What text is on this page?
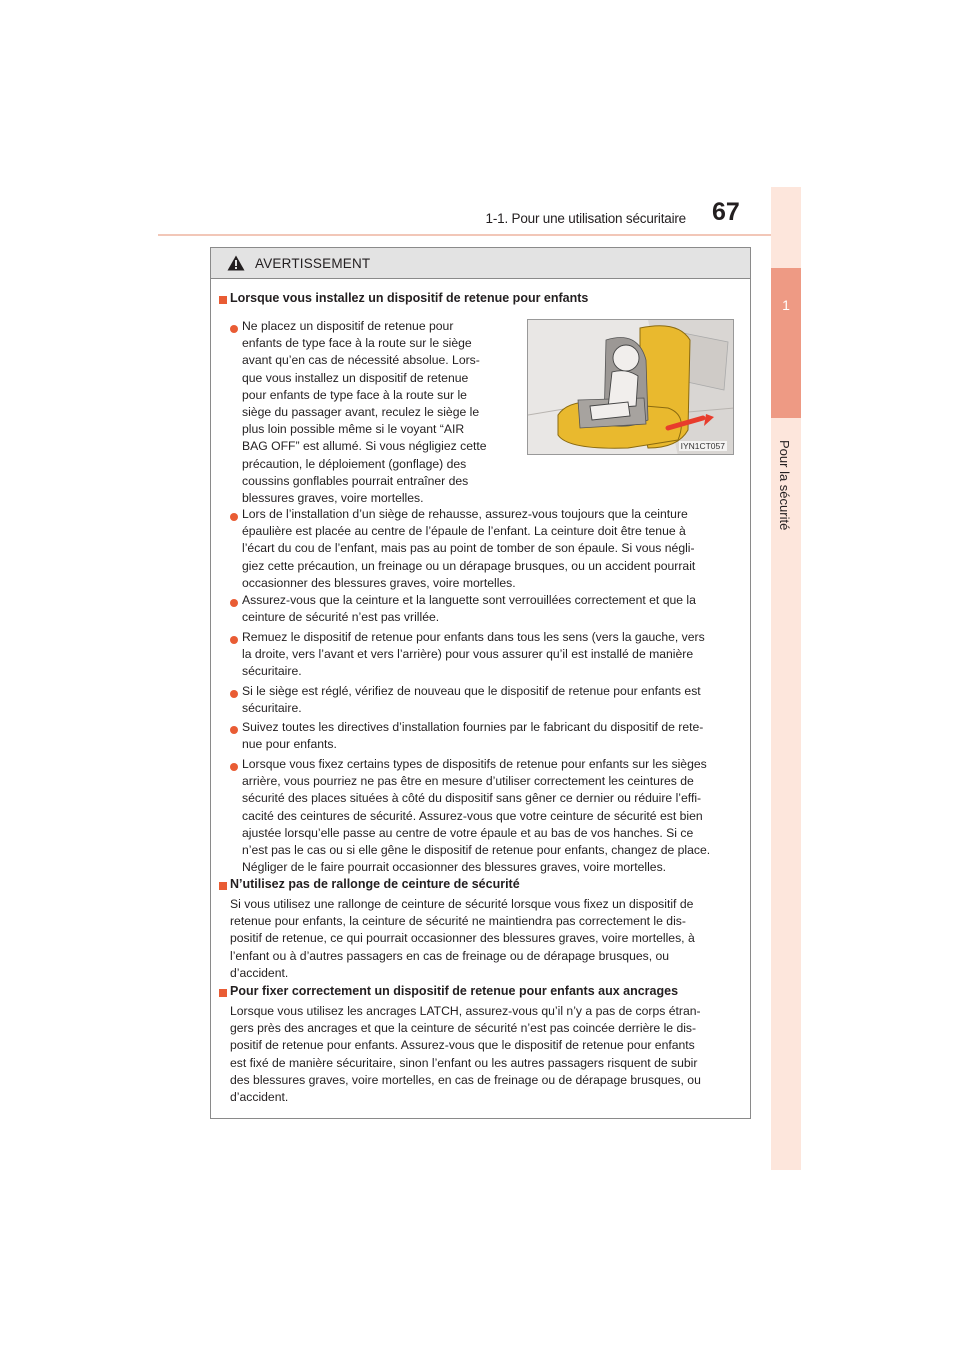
1-1. Pour une utilisation sécuritaire 67
1
Pour la sécurité
AVERTISSEMENT
Lorsque vous installez un dispositif de retenue pour enfants
Ne placez un dispositif de retenue pour
enfants de type face à la route sur le siège
avant qu’en cas de nécessité absolue. Lors-
que vous installez un dispositif de retenue
pour enfants de type face à la route sur le
siège du passager avant, reculez le siège le
plus loin possible même si le voyant “AIR
BAG OFF” est allumé. Si vous négligiez cette
précaution, le déploiement (gonflage) des
coussins gonflables pourrait entraîner des
blessures graves, voire mortelles.
IYN1CT057
Lors de l’installation d’un siège de rehausse, assurez-vous toujours que la ceinture
épaulière est placée au centre de l’épaule de l’enfant. La ceinture doit être tenue à
l’écart du cou de l’enfant, mais pas au point de tomber de son épaule. Si vous négli-
giez cette précaution, un freinage ou un dérapage brusques, ou un accident pourrait
occasionner des blessures graves, voire mortelles.
Assurez-vous que la ceinture et la languette sont verrouillées correctement et que la
ceinture de sécurité n’est pas vrillée.
Remuez le dispositif de retenue pour enfants dans tous les sens (vers la gauche, vers
la droite, vers l’avant et vers l’arrière) pour vous assurer qu’il est installé de manière
sécuritaire.
Si le siège est réglé, vérifiez de nouveau que le dispositif de retenue pour enfants est
sécuritaire.
Suivez toutes les directives d’installation fournies par le fabricant du dispositif de rete-
nue pour enfants.
Lorsque vous fixez certains types de dispositifs de retenue pour enfants sur les sièges
arrière, vous pourriez ne pas être en mesure d’utiliser correctement les ceintures de
sécurité des places situées à côté du dispositif sans gêner ce dernier ou réduire l’effi-
cacité des ceintures de sécurité. Assurez-vous que votre ceinture de sécurité est bien
ajustée lorsqu’elle passe au centre de votre épaule et au bas de vos hanches. Si ce
n’est pas le cas ou si elle gêne le dispositif de retenue pour enfants, changez de place.
Négliger de le faire pourrait occasionner des blessures graves, voire mortelles.
N’utilisez pas de rallonge de ceinture de sécurité
Si vous utilisez une rallonge de ceinture de sécurité lorsque vous fixez un dispositif de
retenue pour enfants, la ceinture de sécurité ne maintiendra pas correctement le dis-
positif de retenue, ce qui pourrait occasionner des blessures graves, voire mortelles, à
l’enfant ou à d’autres passagers en cas de freinage ou de dérapage brusques, ou
d’accident.
Pour fixer correctement un dispositif de retenue pour enfants aux ancrages
Lorsque vous utilisez les ancrages LATCH, assurez-vous qu’il n’y a pas de corps étran-
gers près des ancrages et que la ceinture de sécurité n’est pas coincée derrière le dis-
positif de retenue pour enfants. Assurez-vous que le dispositif de retenue pour enfants
est fixé de manière sécuritaire, sinon l’enfant ou les autres passagers risquent de subir
des blessures graves, voire mortelles, en cas de freinage ou de dérapage brusques, ou
d’accident.
